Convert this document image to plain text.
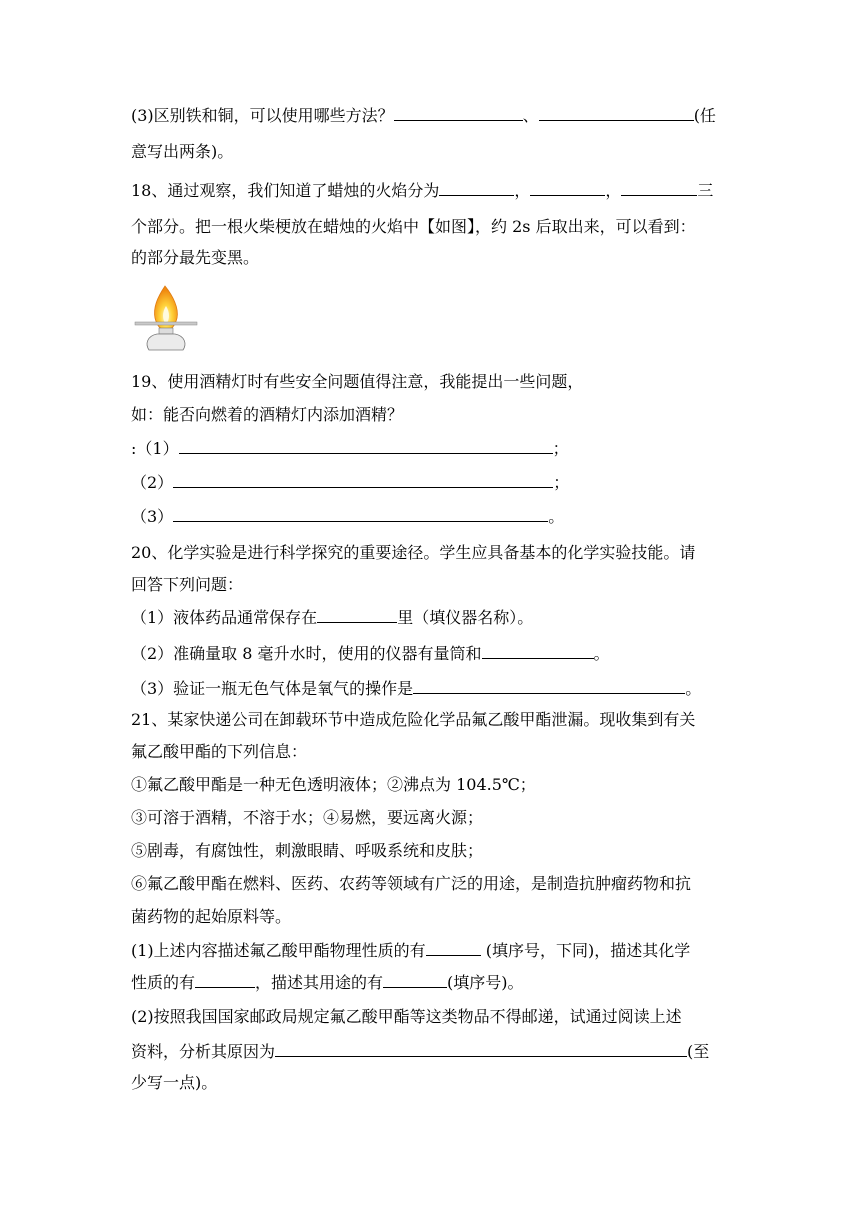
(3)区别铁和铜，可以使用哪些方法？	、	(任
意写出两条)。
18、通过观察，我们知道了蜡烛的火焰分为	，	，	三
个部分。把一根火柴梗放在蜡烛的火焰中【如图】，约 2s 后取出来，可以看到：
的部分最先变黑。
19、使用酒精灯时有些安全问题值得注意，我能提出一些问题，
如：能否向燃着的酒精灯内添加酒精？
:（1）	；
（2）	；
（3）	。
20、化学实验是进行科学探究的重要途径。学生应具备基本的化学实验技能。请
回答下列问题：
（1）液体药品通常保存在	里（填仪器名称）。
（2）准确量取 8 毫升水时，使用的仪器有量筒和	。
（3）验证一瓶无色气体是氧气的操作是	。
21、某家快递公司在卸载环节中造成危险化学品氟乙酸甲酯泄漏。现收集到有关
氟乙酸甲酯的下列信息：
①氟乙酸甲酯是一种无色透明液体；②沸点为 104.5℃；
③可溶于酒精，不溶于水；④易燃，要远离火源；
⑤剧毒，有腐蚀性，刺激眼睛、呼吸系统和皮肤；
⑥氟乙酸甲酯在燃料、医药、农药等领域有广泛的用途，是制造抗肿瘤药物和抗
菌药物的起始原料等。
(1)上述内容描述氟乙酸甲酯物理性质的有	(填序号，下同)，描述其化学
性质的有	，描述其用途的有	(填序号)。
(2)按照我国国家邮政局规定氟乙酸甲酯等这类物品不得邮递，试通过阅读上述
资料，分析其原因为	(至
少写一点)。
